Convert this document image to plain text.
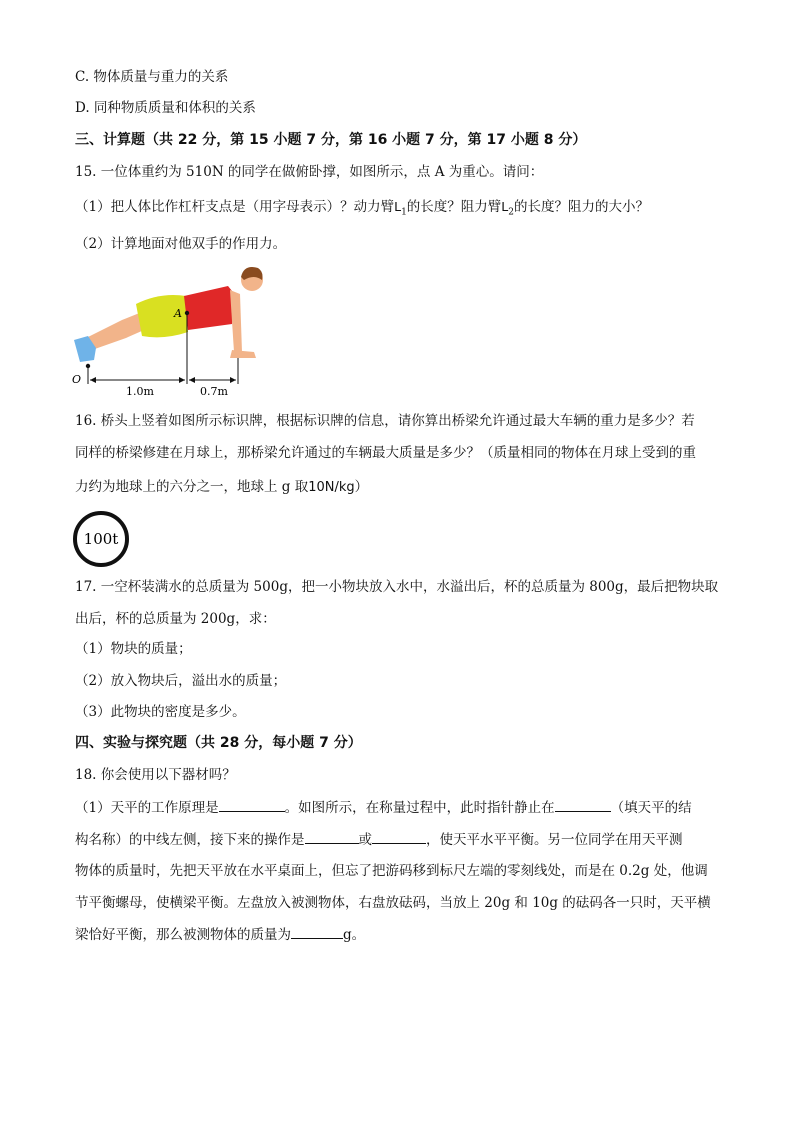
C. 物体质量与重力的关系
D. 同种物质质量和体积的关系
三、计算题（共 22 分，第 15 小题 7 分，第 16 小题 7 分，第 17 小题 8 分）
15. 一位体重约为 510N 的同学在做俯卧撑，如图所示，点 A 为重心。请问：
（1）把人体比作杠杆支点是（用字母表示）？动力臂$L_1$的长度？阻力臂$L_2$的长度？阻力的大小？
（2）计算地面对他双手的作用力。
A
O
1.0m	0.7m
16. 桥头上竖着如图所示标识牌，根据标识牌的信息，请你算出桥梁允许通过最大车辆的重力是多少？若
同样的桥梁修建在月球上，那桥梁允许通过的车辆最大质量是多少？（质量相同的物体在月球上受到的重
力约为地球上的六分之一，地球上 g 取10N/kg）
100t
17. 一空杯装满水的总质量为 500g，把一小物块放入水中，水溢出后，杯的总质量为 800g，最后把物块取
出后，杯的总质量为 200g，求：
（1）物块的质量；
（2）放入物块后，溢出水的质量；
（3）此物块的密度是多少。
四、实验与探究题（共 28 分，每小题 7 分）
18. 你会使用以下器材吗？
（1）天平的工作原理是	。如图所示，在称量过程中，此时指针静止在	（填天平的结
构名称）的中线左侧，接下来的操作是	或	，使天平水平平衡。另一位同学在用天平测
物体的质量时，先把天平放在水平桌面上，但忘了把游码移到标尺左端的零刻线处，而是在 0.2g 处，他调
节平衡螺母，使横梁平衡。左盘放入被测物体，右盘放砝码，当放上 20g 和 10g 的砝码各一只时，天平横
梁恰好平衡，那么被测物体的质量为	g。
